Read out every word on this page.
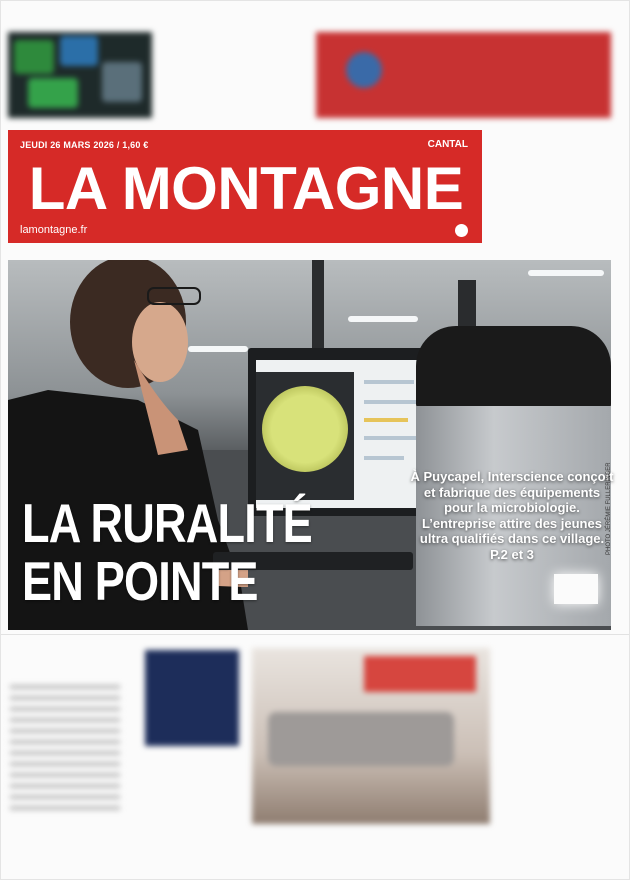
JEUDI 26 MARS 2026 / 1,60 €	CANTAL
LA MONTAGNE
lamontagne.fr

LA RURALITÉ
EN POINTE
À Puycapel, Interscience conçoit et fabrique des équipements pour la microbiologie. L’entreprise attire des jeunes ultra qualifiés dans ce village. P.2 et 3	PHOTO JÉRÉMIE FULLERINGER
